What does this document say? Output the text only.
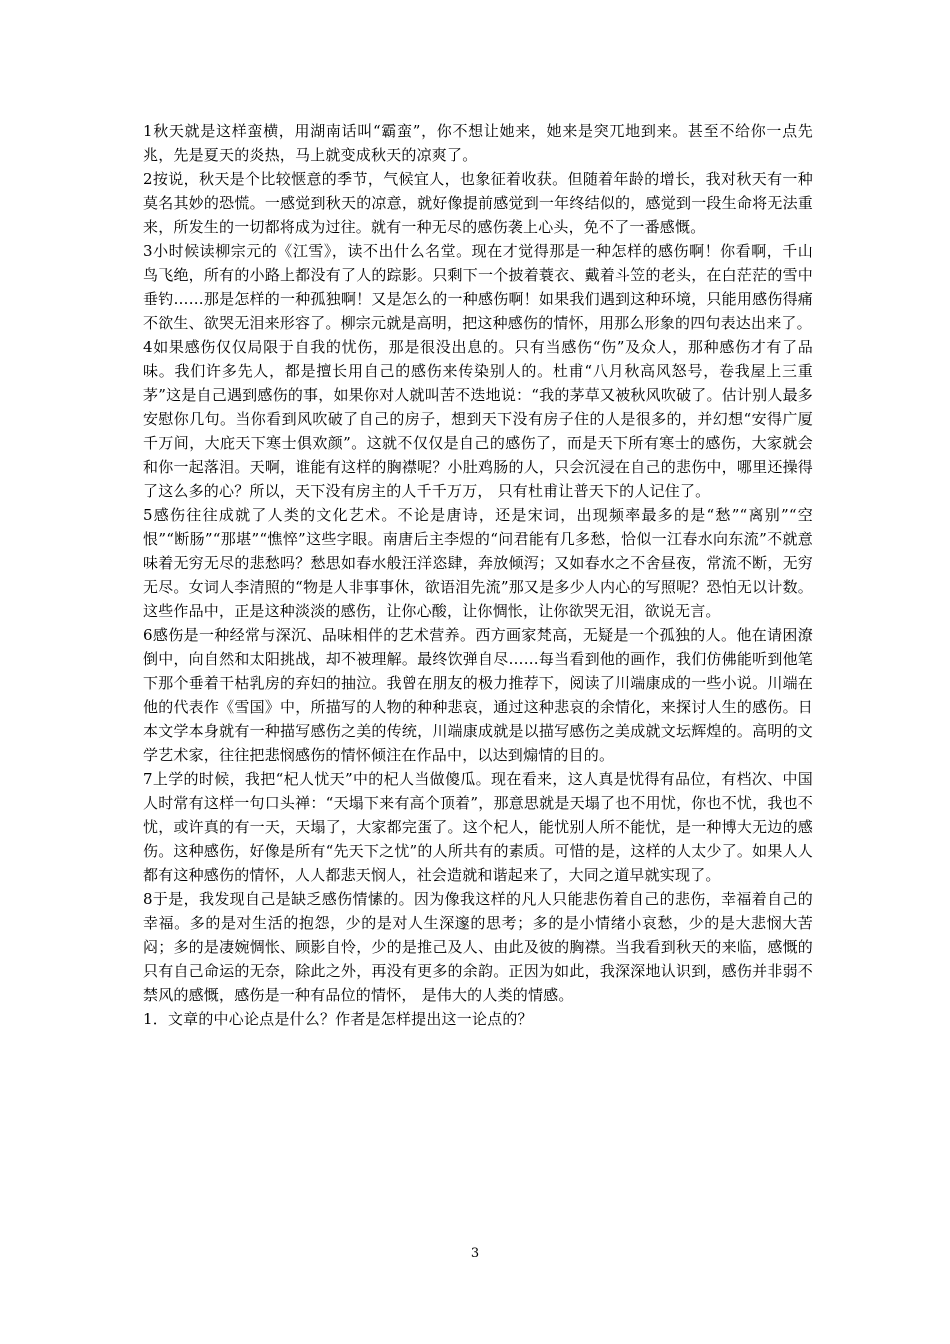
1秋天就是这样蛮横，用湖南话叫“霸蛮”，你不想让她来，她来是突兀地到来。甚至不给你一点先兆，先是夏天的炎热，马上就变成秋天的凉爽了。

2按说，秋天是个比较惬意的季节，气候宜人，也象征着收获。但随着年龄的增长，我对秋天有一种莫名其妙的恐慌。一感觉到秋天的凉意，就好像提前感觉到一年终结似的，感觉到一段生命将无法重来，所发生的一切都将成为过往。就有一种无尽的感伤袭上心头，免不了一番感慨。

3小时候读柳宗元的《江雪》，读不出什么名堂。现在才觉得那是一种怎样的感伤啊！你看啊，千山鸟飞绝，所有的小路上都没有了人的踪影。只剩下一个披着蓑衣、戴着斗笠的老头，在白茫茫的雪中垂钓……那是怎样的一种孤独啊！又是怎么的一种感伤啊！如果我们遇到这种环境，只能用感伤得痛不欲生、欲哭无泪来形容了。柳宗元就是高明，把这种感伤的情怀，用那么形象的四句表达出来了。

4如果感伤仅仅局限于自我的忧伤，那是很没出息的。只有当感伤“伤”及众人，那种感伤才有了品味。我们许多先人，都是擅长用自己的感伤来传染别人的。杜甫“八月秋高风怒号，卷我屋上三重茅”这是自己遇到感伤的事，如果你对人就叫苦不迭地说：“我的茅草又被秋风吹破了。估计别人最多安慰你几句。当你看到风吹破了自己的房子，想到天下没有房子住的人是很多的，并幻想“安得广厦千万间，大庇天下寒士俱欢颜”。这就不仅仅是自己的感伤了，而是天下所有寒士的感伤，大家就会和你一起落泪。天啊，谁能有这样的胸襟呢？小肚鸡肠的人，只会沉浸在自己的悲伤中，哪里还操得了这么多的心？所以，天下没有房主的人千千万万， 只有杜甫让普天下的人记住了。

5感伤往往成就了人类的文化艺术。不论是唐诗，还是宋词，出现频率最多的是“愁”“离别”“空恨”“断肠”“那堪”“憔悴”这些字眼。南唐后主李煜的“问君能有几多愁，恰似一江春水向东流”不就意味着无穷无尽的悲愁吗？愁思如春水般汪洋恣肆，奔放倾泻；又如春水之不舍昼夜，常流不断，无穷无尽。女词人李清照的“物是人非事事休，欲语泪先流”那又是多少人内心的写照呢？恐怕无以计数。这些作品中，正是这种淡淡的感伤，让你心酸，让你惆怅，让你欲哭无泪，欲说无言。

6感伤是一种经常与深沉、品味相伴的艺术营养。西方画家梵高，无疑是一个孤独的人。他在请困潦倒中，向自然和太阳挑战，却不被理解。最终饮弹自尽……每当看到他的画作，我们仿佛能听到他笔下那个垂着干枯乳房的弃妇的抽泣。我曾在朋友的极力推荐下，阅读了川端康成的一些小说。川端在他的代表作《雪国》中，所描写的人物的种种悲哀，通过这种悲哀的余情化，来探讨人生的感伤。日本文学本身就有一种描写感伤之美的传统，川端康成就是以描写感伤之美成就文坛辉煌的。高明的文学艺术家，往往把悲悯感伤的情怀倾注在作品中，以达到煽情的目的。

7上学的时候，我把“杞人忧天”中的杞人当做傻瓜。现在看来，这人真是忧得有品位，有档次、中国人时常有这样一句口头禅：“天塌下来有高个顶着”，那意思就是天塌了也不用忧，你也不忧，我也不忧，或许真的有一天，天塌了，大家都完蛋了。这个杞人，能忧别人所不能忧，是一种博大无边的感伤。这种感伤，好像是所有“先天下之忧”的人所共有的素质。可惜的是，这样的人太少了。如果人人都有这种感伤的情怀，人人都悲天悯人，社会造就和谐起来了，大同之道早就实现了。

8于是，我发现自己是缺乏感伤情愫的。因为像我这样的凡人只能悲伤着自己的悲伤，幸福着自己的幸福。多的是对生活的抱怨，少的是对人生深邃的思考；多的是小情绪小哀愁，少的是大悲悯大苦闷；多的是凄婉惆怅、顾影自怜，少的是推己及人、由此及彼的胸襟。当我看到秋天的来临，感慨的只有自己命运的无奈，除此之外，再没有更多的余韵。正因为如此，我深深地认识到，感伤并非弱不禁风的感慨，感伤是一种有品位的情怀， 是伟大的人类的情感。

1．文章的中心论点是什么？作者是怎样提出这一论点的？

3
